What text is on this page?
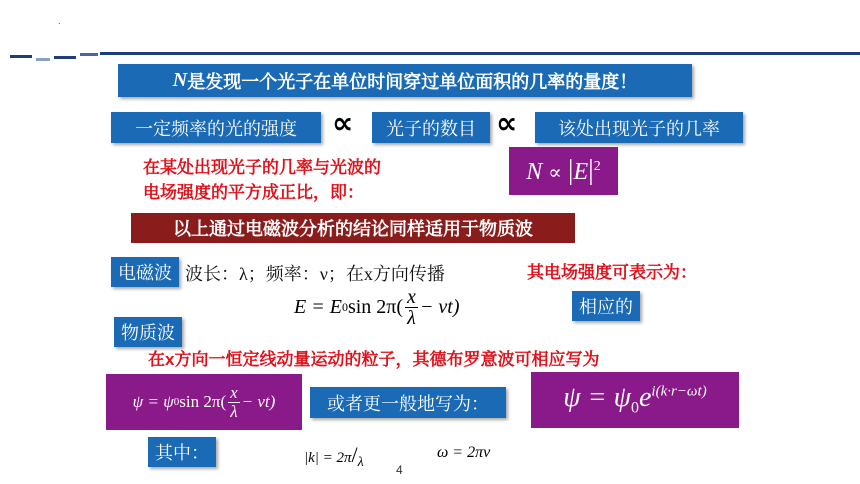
.
N 是发现一个光子在单位时间穿过单位面积的几率的量度！
一定频率的光的强度	∝	光子的数目 ∝	该处出现光子的几率
在某处出现光子的几率与光波的
电场强度的平方成正比，即：
$N \propto |E|^2$
以上通过电磁波分析的结论同样适用于物质波
电磁波 波长：λ；频率：ν；在x方向传播	其电场强度可表示为：
E = E 0 $\sin 2\pi( \frac{x}{\lambda} - \nu t)$	相应的
物质波
在x方向一恒定线动量运动的粒子，其德布罗意波可相应写为
ψ = ψ 0 $\sin 2\pi( \frac{x}{\lambda} - \nu t)$	或者更一般地写为：	$\psi = \psi_0e^{i(k\cdot r-\omega t)}$
其中：	$|k| = 2\pi/_\lambda$
ω = 2πν
4
